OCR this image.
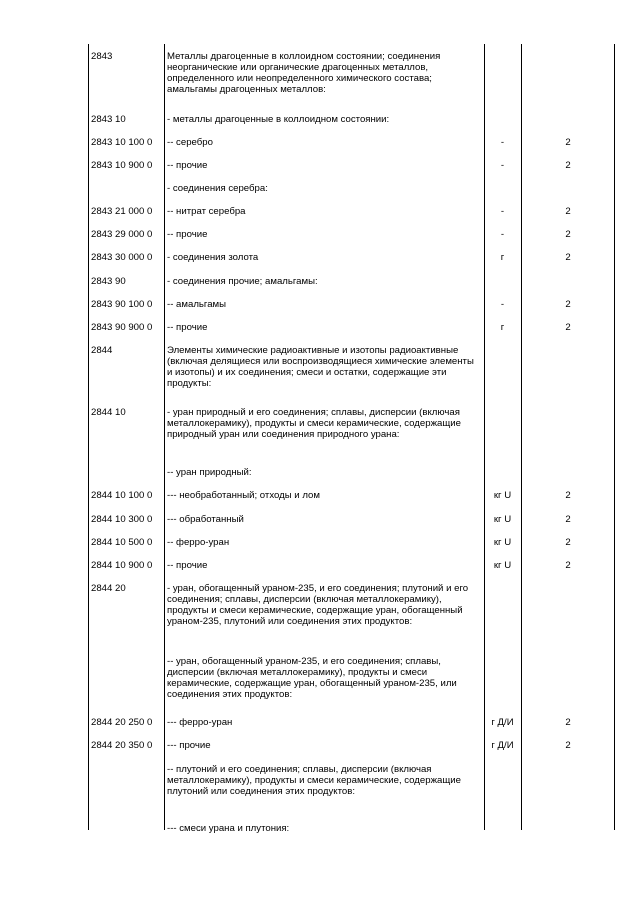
2843	Металлы драгоценные в коллоидном состоянии; соединения неорганические или органические драгоценных металлов, определенного или неопределенного химического состава; амальгамы драгоценных металлов:
2843 10	- металлы драгоценные в коллоидном состоянии:
2843 10 100 0 -- серебро	-	2
2843 10 900 0 -- прочие	-	2
- соединения серебра:
2843 21 000 0 -- нитрат серебра	-	2
2843 29 000 0 -- прочие	-	2
2843 30 000 0 - соединения золота	г	2
2843 90	- соединения прочие; амальгамы:
2843 90 100 0 -- амальгамы	-	2
2843 90 900 0 -- прочие	г	2
2844	Элементы химические радиоактивные и изотопы радиоактивные (включая делящиеся или воспроизводящиеся химические элементы и изотопы) и их соединения; смеси и остатки, содержащие эти продукты:
2844 10	- уран природный и его соединения; сплавы, дисперсии (включая металлокерамику), продукты и смеси керамические, содержащие природный уран или соединения природного урана:
-- уран природный:
2844 10 100 0 --- необработанный; отходы и лом	кг U	2
2844 10 300 0 --- обработанный	кг U	2
2844 10 500 0 -- ферро-уран	кг U	2
2844 10 900 0 -- прочие	кг U	2
2844 20	- уран, обогащенный ураном-235, и его соединения; плутоний и его соединения; сплавы, дисперсии (включая металлокерамику), продукты и смеси керамические, содержащие уран, обогащенный ураном-235, плутоний или соединения этих продуктов:
-- уран, обогащенный ураном-235, и его соединения; сплавы, дисперсии (включая металлокерамику), продукты и смеси керамические, содержащие уран, обогащенный ураном-235, или соединения этих продуктов:
2844 20 250 0 --- ферро-уран	г Д/И	2
2844 20 350 0 --- прочие	г Д/И	2
-- плутоний и его соединения; сплавы, дисперсии (включая металлокерамику), продукты и смеси керамические, содержащие плутоний или соединения этих продуктов:
--- смеси урана и плутония:
